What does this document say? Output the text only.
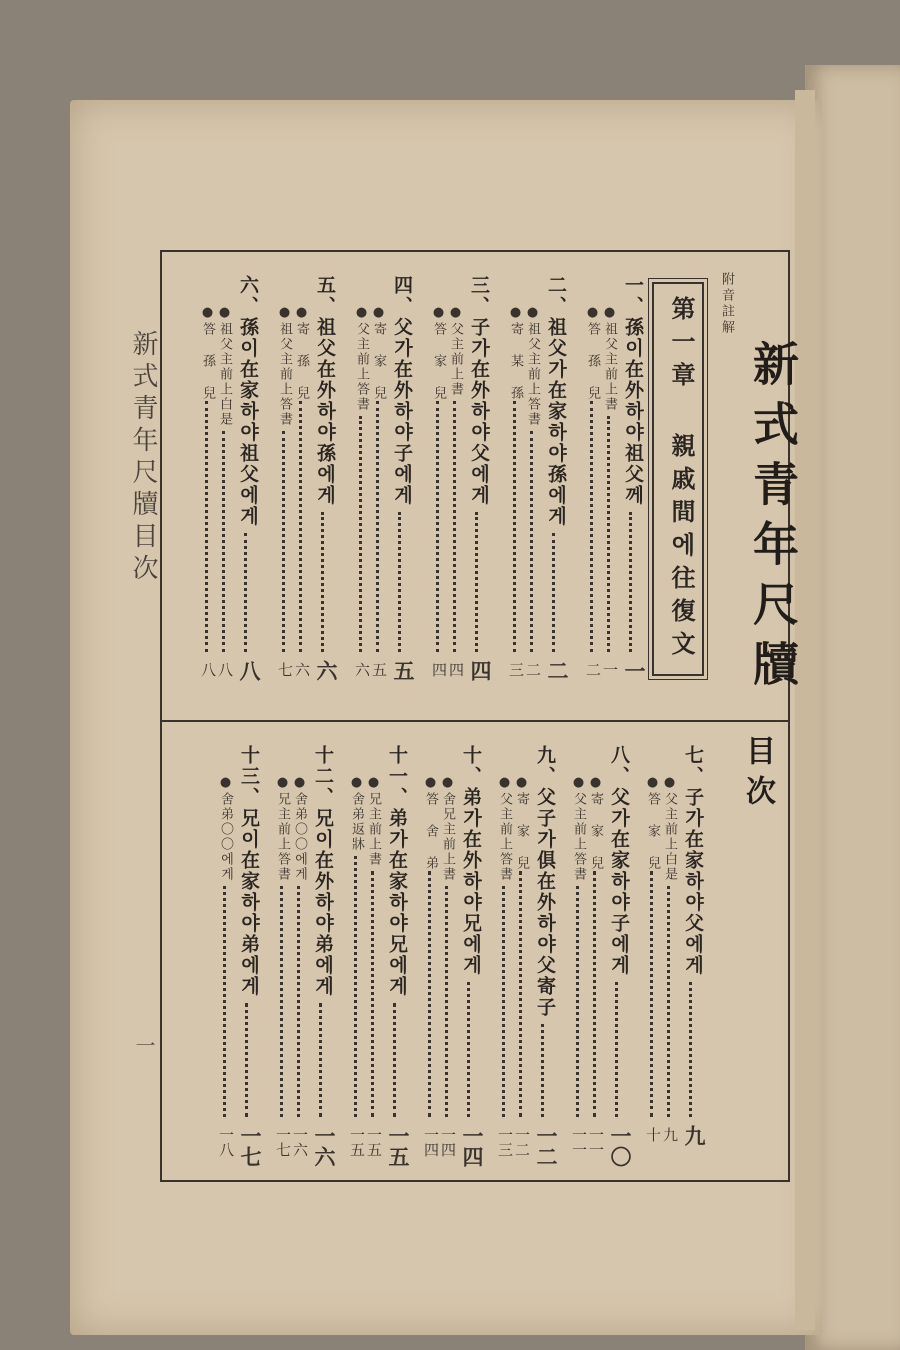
新式青年尺牘目次
一
附音註解
新式青年尺牘
目次
第一章 親戚間에往復文
一、孫이在外하야祖父께
一
●祖父主前上書
一
●答 孫 兒
二
二、祖父가在家하야孫에게
二
●祖父主前上答書
二
●寄 某 孫
三
三、子가在外하야父에게
四
●父主前上書
四
●答 家 兒
四
四、父가在外하야子에게
五
●寄 家 兒
五
●父主前上答書
六
五、祖父在外하야孫에게
六
●寄 孫 兒
六
●祖父主前上答書
七
六、孫이在家하야祖父에게
八
●祖父主前上白是
八
●答 孫 兒
八
七、子가在家하야父에게
九
●父主前上白是
九
●答 家 兒
十
八、父가在家하야子에게
一〇
●寄 家 兒
一一
●父主前上答書
一一
九、父子가俱在外하야父寄子
一二
●寄 家 兒
一二
●父主前上答書
一三
十、弟가在外하야兄에게
一四
●舍兄主前上書
一四
●答 舍 弟
一四
十一、弟가在家하야兄에게
一五
●兄主前上書
一五
●舍弟返牀
一五
十二、兄이在外하야弟에게
一六
●舍弟〇〇에게
一六
●兄主前上答書
一七
十三、兄이在家하야弟에게
一七
●舍弟〇〇에게
一八
